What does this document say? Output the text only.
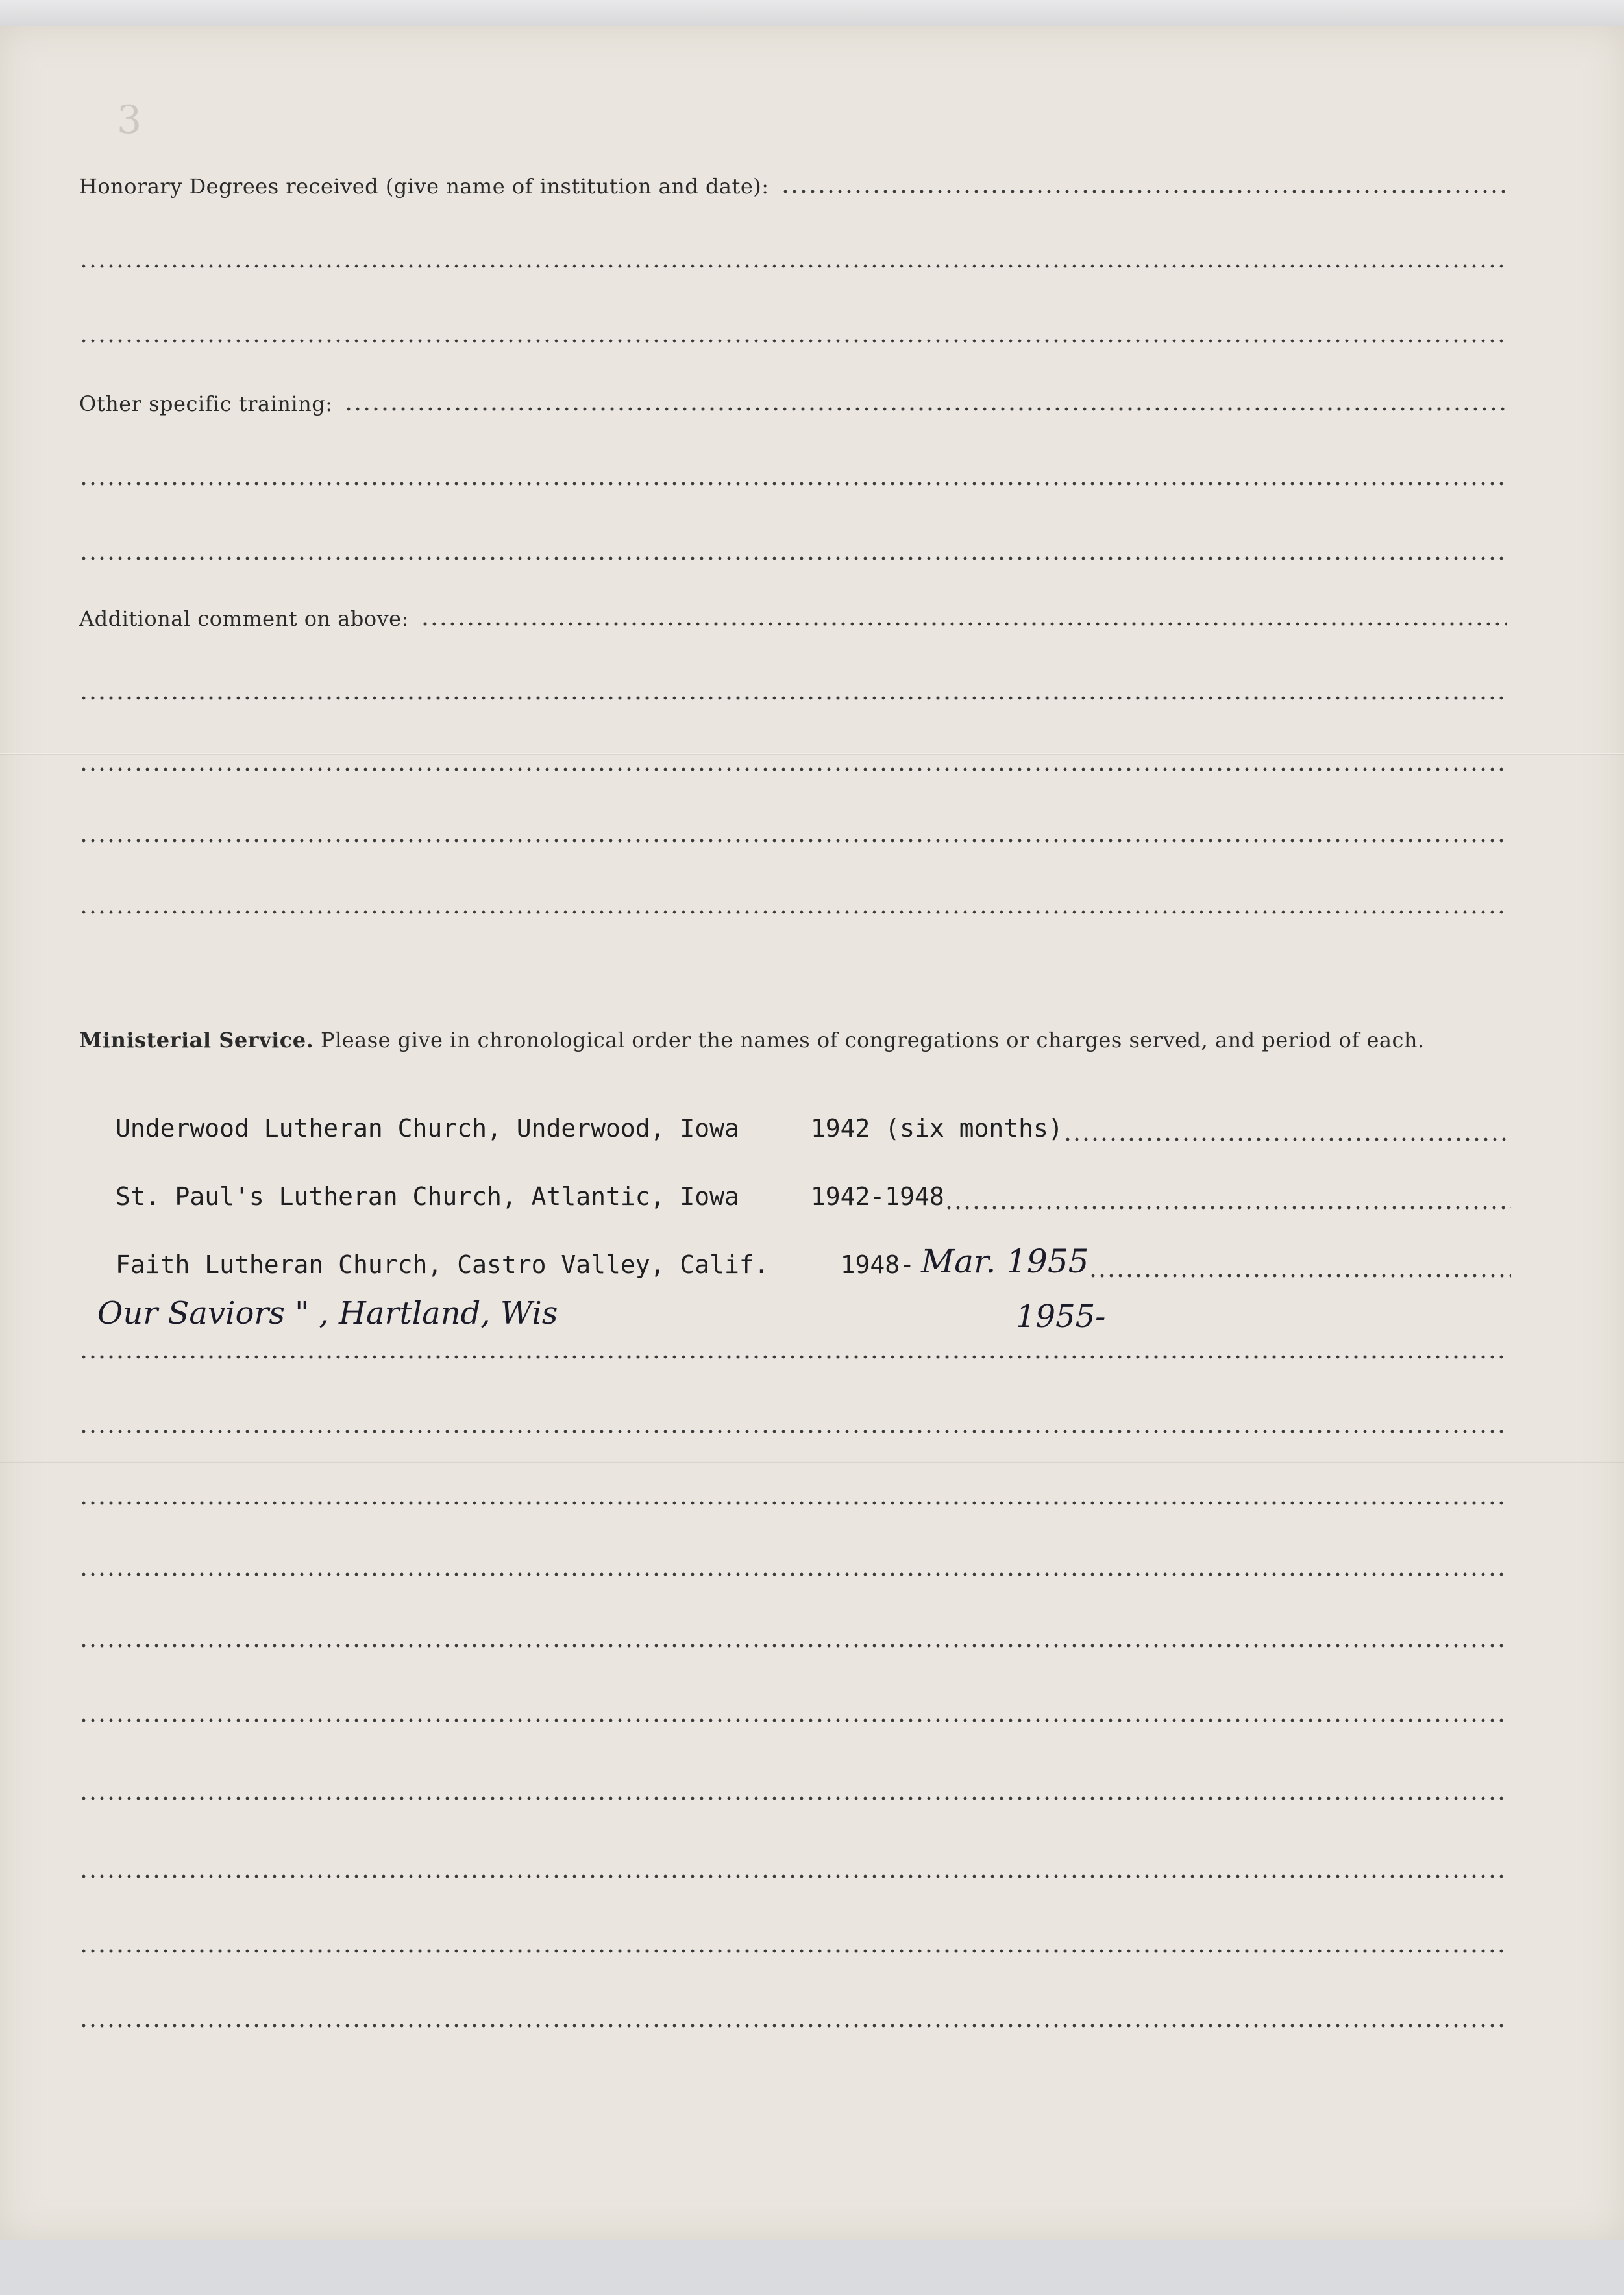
3
Honorary Degrees received (give name of institution and date):
Other specific training:
Additional comment on above:
Ministerial Service. Please give in chronological order the names of congregations or charges served, and period of each.
Underwood Lutheran Church, Underwood, Iowa	1942 (six months)
St. Paul's Lutheran Church, Atlantic, Iowa	1942-1948
Faith Lutheran Church, Castro Valley, Calif.	1948- Mar. 1955
Our Saviors " , Hartland, Wis	1955-
